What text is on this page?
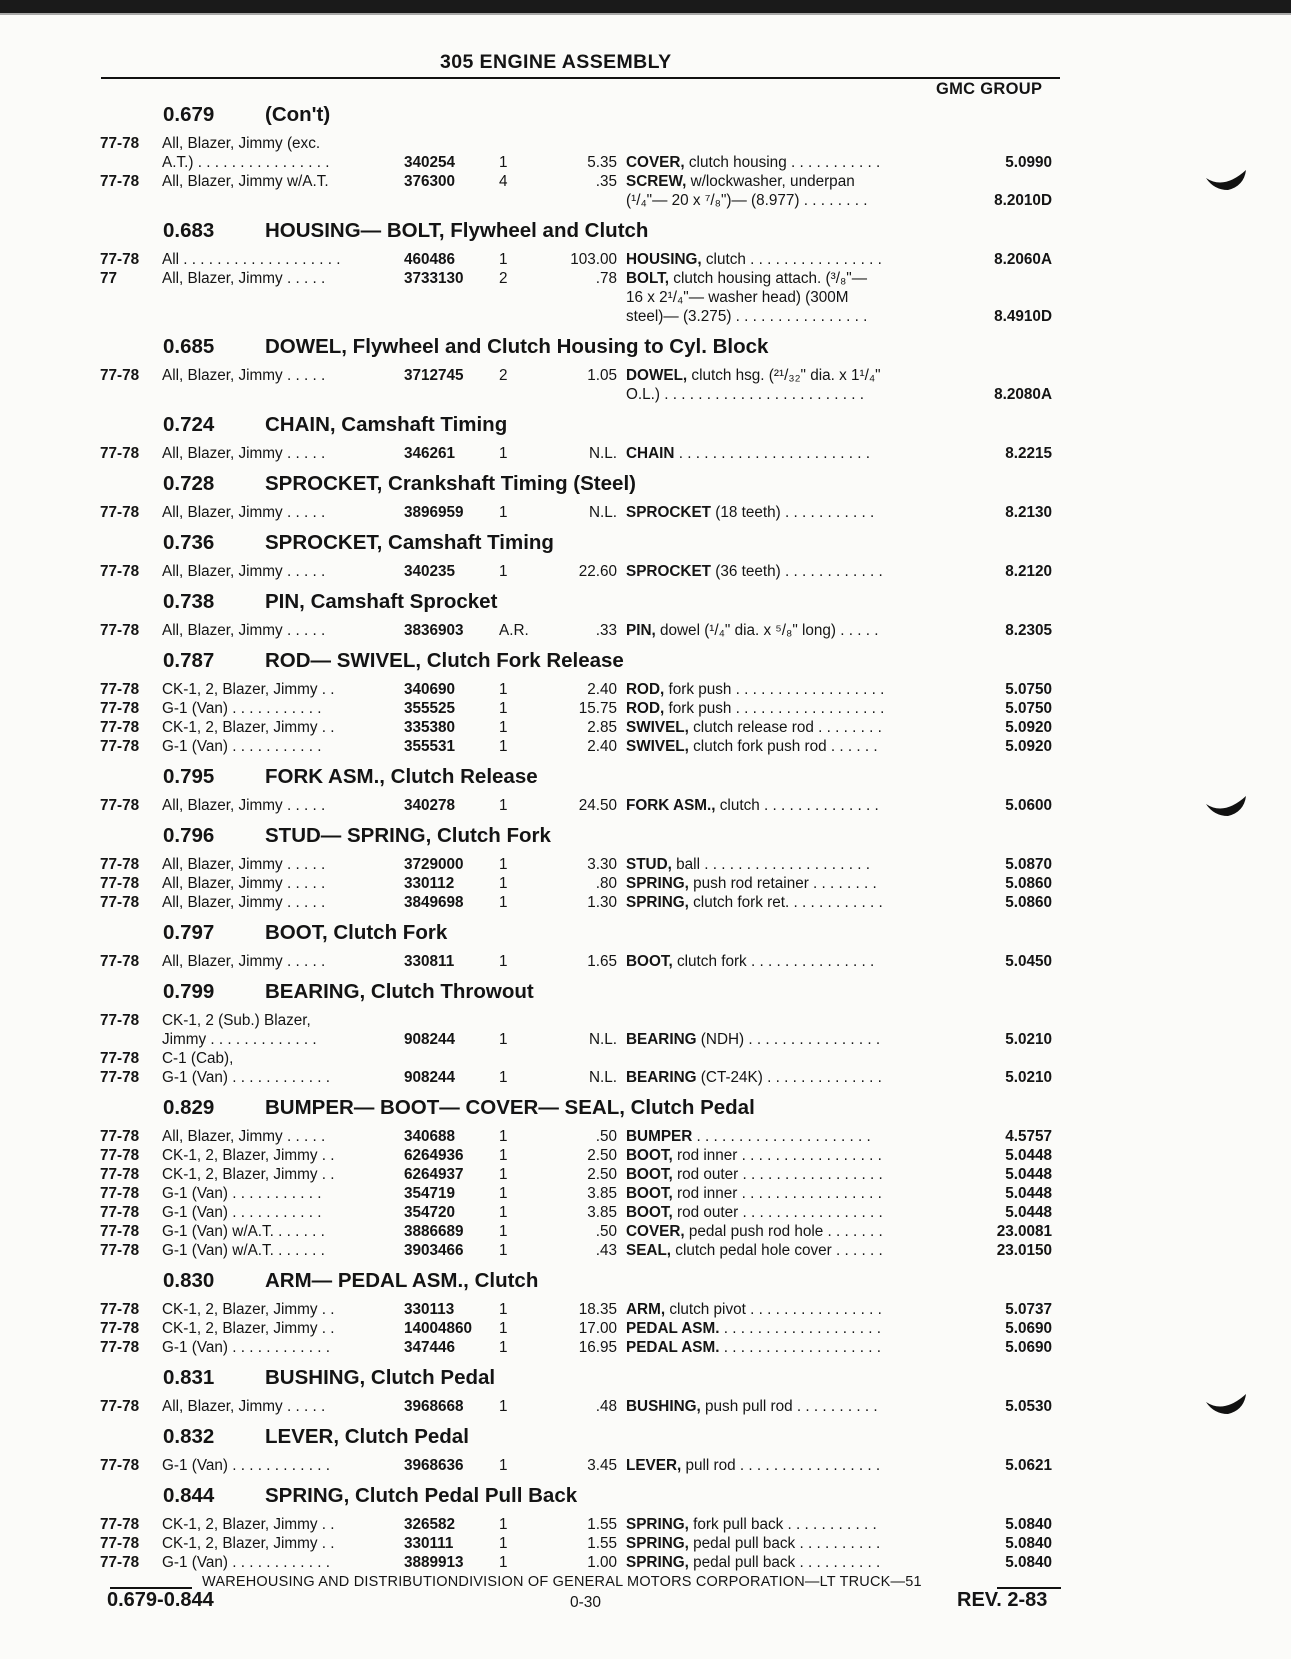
305 ENGINE ASSEMBLY
GMC GROUP
0.679 (Con't)
77-78 All, Blazer, Jimmy (exc.
A.T.) . . . . . . . . . . . . . . . .	340254	1	5.35 COVER, clutch housing . . . . . . . . . . .	5.0990
77-78 All, Blazer, Jimmy w/A.T.	376300	4	.35 SCREW, w/lockwasher, underpan
(¹/₄"— 20 x ⁷/₈")— (8.977) . . . . . . . .	8.2010D
0.683 HOUSING— BOLT, Flywheel and Clutch
77-78 All . . . . . . . . . . . . . . . . . . .	460486	1	103.00 HOUSING, clutch . . . . . . . . . . . . . . . .	8.2060A
77	All, Blazer, Jimmy . . . . .	3733130 2	.78 BOLT, clutch housing attach. (³/₈"—
16 x 2¹/₄"— washer head) (300M
steel)— (3.275) . . . . . . . . . . . . . . . .	8.4910D
0.685 DOWEL, Flywheel and Clutch Housing to Cyl. Block
77-78 All, Blazer, Jimmy . . . . .	3712745 2	1.05 DOWEL, clutch hsg. (²¹/₃₂" dia. x 1¹/₄"
O.L.) . . . . . . . . . . . . . . . . . . . . . . . .	8.2080A
0.724 CHAIN, Camshaft Timing
77-78 All, Blazer, Jimmy . . . . .	346261	1	N.L. CHAIN . . . . . . . . . . . . . . . . . . . . . . .	8.2215
0.728 SPROCKET, Crankshaft Timing (Steel)
77-78 All, Blazer, Jimmy . . . . .	3896959 1	N.L. SPROCKET (18 teeth) . . . . . . . . . . .	8.2130
0.736 SPROCKET, Camshaft Timing
77-78 All, Blazer, Jimmy . . . . .	340235	1	22.60 SPROCKET (36 teeth) . . . . . . . . . . . .	8.2120
0.738 PIN, Camshaft Sprocket
77-78 All, Blazer, Jimmy . . . . .	3836903 A.R.	.33 PIN, dowel (¹/₄" dia. x ⁵/₈" long) . . . . .	8.2305
0.787 ROD— SWIVEL, Clutch Fork Release
77-78 CK-1, 2, Blazer, Jimmy . .	340690	1	2.40 ROD, fork push . . . . . . . . . . . . . . . . . .	5.0750
77-78 G-1 (Van) . . . . . . . . . . .	355525	1	15.75 ROD, fork push . . . . . . . . . . . . . . . . . .	5.0750
77-78 CK-1, 2, Blazer, Jimmy . .	335380	1	2.85 SWIVEL, clutch release rod . . . . . . . .	5.0920
77-78 G-1 (Van) . . . . . . . . . . .	355531	1	2.40 SWIVEL, clutch fork push rod . . . . . .	5.0920
0.795 FORK ASM., Clutch Release
77-78 All, Blazer, Jimmy . . . . .	340278	1	24.50 FORK ASM., clutch . . . . . . . . . . . . . .	5.0600
0.796 STUD— SPRING, Clutch Fork
77-78 All, Blazer, Jimmy . . . . .	3729000 1	3.30 STUD, ball . . . . . . . . . . . . . . . . . . . .	5.0870
77-78 All, Blazer, Jimmy . . . . .	330112	1	.80 SPRING, push rod retainer . . . . . . . .	5.0860
77-78 All, Blazer, Jimmy . . . . .	3849698 1	1.30 SPRING, clutch fork ret. . . . . . . . . . . .	5.0860
0.797 BOOT, Clutch Fork
77-78 All, Blazer, Jimmy . . . . .	330811	1	1.65 BOOT, clutch fork . . . . . . . . . . . . . . .	5.0450
0.799 BEARING, Clutch Throwout
77-78 CK-1, 2 (Sub.) Blazer,
Jimmy . . . . . . . . . . . . .	908244	1	N.L. BEARING (NDH) . . . . . . . . . . . . . . . .	5.0210
77-78 C-1 (Cab),
77-78 G-1 (Van) . . . . . . . . . . . .	908244	1	N.L. BEARING (CT-24K) . . . . . . . . . . . . . .	5.0210
0.829 BUMPER— BOOT— COVER— SEAL, Clutch Pedal
77-78 All, Blazer, Jimmy . . . . .	340688	1	.50 BUMPER . . . . . . . . . . . . . . . . . . . . .	4.5757
77-78 CK-1, 2, Blazer, Jimmy . .	6264936 1	2.50 BOOT, rod inner . . . . . . . . . . . . . . . . .	5.0448
77-78 CK-1, 2, Blazer, Jimmy . .	6264937 1	2.50 BOOT, rod outer . . . . . . . . . . . . . . . . .	5.0448
77-78 G-1 (Van) . . . . . . . . . . .	354719	1	3.85 BOOT, rod inner . . . . . . . . . . . . . . . . .	5.0448
77-78 G-1 (Van) . . . . . . . . . . .	354720	1	3.85 BOOT, rod outer . . . . . . . . . . . . . . . . .	5.0448
77-78 G-1 (Van) w/A.T. . . . . . .	3886689 1	.50 COVER, pedal push rod hole . . . . . . .	23.0081
77-78 G-1 (Van) w/A.T. . . . . . .	3903466 1	.43 SEAL, clutch pedal hole cover . . . . . .	23.0150
0.830 ARM— PEDAL ASM., Clutch
77-78 CK-1, 2, Blazer, Jimmy . .	330113	1	18.35 ARM, clutch pivot . . . . . . . . . . . . . . . .	5.0737
77-78 CK-1, 2, Blazer, Jimmy . .	14004860 1	17.00 PEDAL ASM. . . . . . . . . . . . . . . . . . . .	5.0690
77-78 G-1 (Van) . . . . . . . . . . . .	347446	1	16.95 PEDAL ASM. . . . . . . . . . . . . . . . . . . .	5.0690
0.831 BUSHING, Clutch Pedal
77-78 All, Blazer, Jimmy . . . . .	3968668 1	.48 BUSHING, push pull rod . . . . . . . . . .	5.0530
0.832 LEVER, Clutch Pedal
77-78 G-1 (Van) . . . . . . . . . . . .	3968636 1	3.45 LEVER, pull rod . . . . . . . . . . . . . . . . .	5.0621
0.844 SPRING, Clutch Pedal Pull Back
77-78 CK-1, 2, Blazer, Jimmy . .	326582	1	1.55 SPRING, fork pull back . . . . . . . . . . .	5.0840
77-78 CK-1, 2, Blazer, Jimmy . .	330111	1	1.55 SPRING, pedal pull back . . . . . . . . . .	5.0840
77-78 G-1 (Van) . . . . . . . . . . . .	3889913 1	1.00 SPRING, pedal pull back . . . . . . . . . .	5.0840
WAREHOUSING AND DISTRIBUTIONDIVISION OF GENERAL MOTORS CORPORATION—LT TRUCK—51
0.679-0.844	0-30	REV. 2-83
